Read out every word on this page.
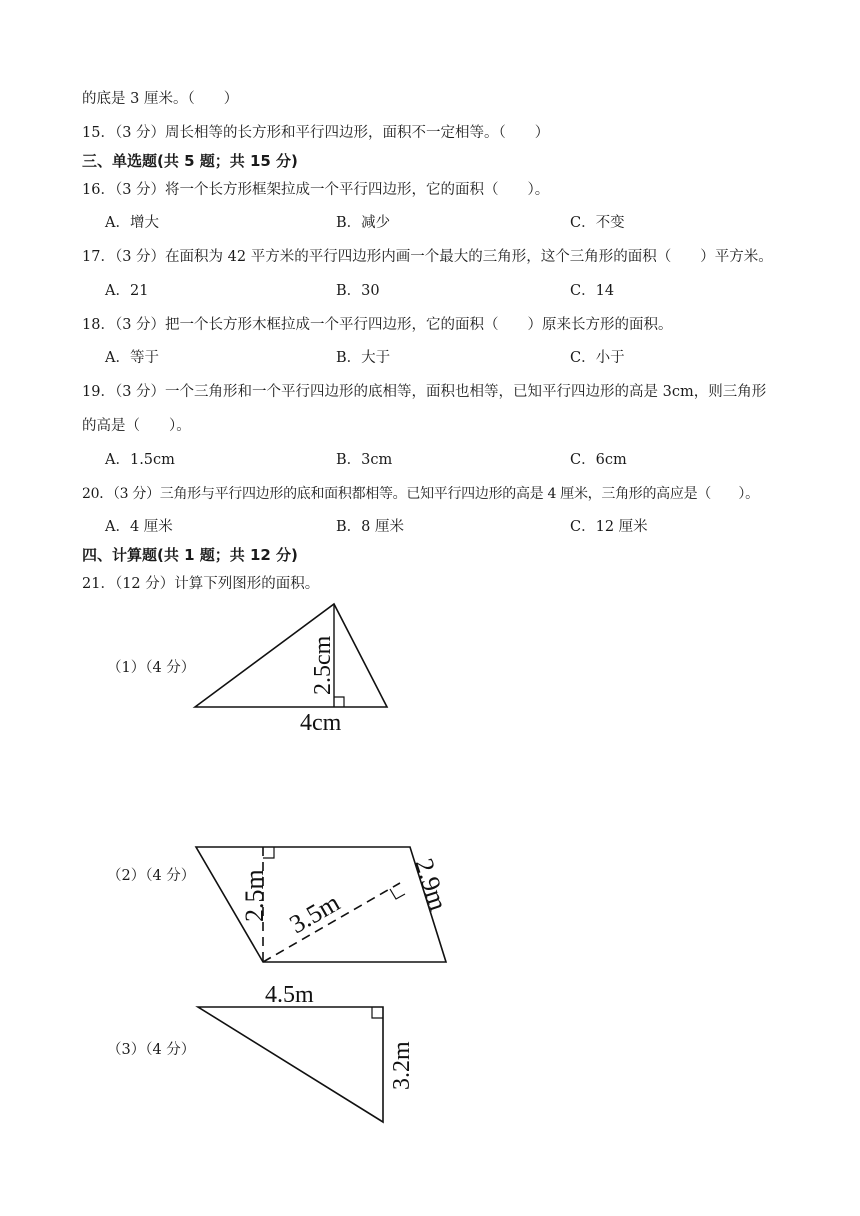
的底是 3 厘米。（　　）
15．（3 分）周长相等的长方形和平行四边形，面积不一定相等。（　　）
三、单选题(共 5 题；共 15 分)
16．（3 分）将一个长方形框架拉成一个平行四边形，它的面积（　　）。
A．增大	B．减少	C．不变
17．（3 分）在面积为 42 平方米的平行四边形内画一个最大的三角形，这个三角形的面积（　　）平方米。
A．21	B．30	C．14
18．（3 分）把一个长方形木框拉成一个平行四边形，它的面积（　　）原来长方形的面积。
A．等于	B．大于	C．小于
19．（3 分）一个三角形和一个平行四边形的底相等，面积也相等，已知平行四边形的高是 3cm，则三角形
的高是（　　）。
A．1.5cm	B．3cm	C．6cm
20．（3 分）三角形与平行四边形的底和面积都相等。已知平行四边形的高是 4 厘米，三角形的高应是（　　）。
A．4 厘米	B．8 厘米	C．12 厘米
四、计算题(共 1 题；共 12 分)
21．（12 分）计算下列图形的面积。
（1）（4 分）
（2）（4 分）
（3）（4 分）
4cm
2.5cm
2.5m 3.5m 2.9m
4.5m
3.2m
